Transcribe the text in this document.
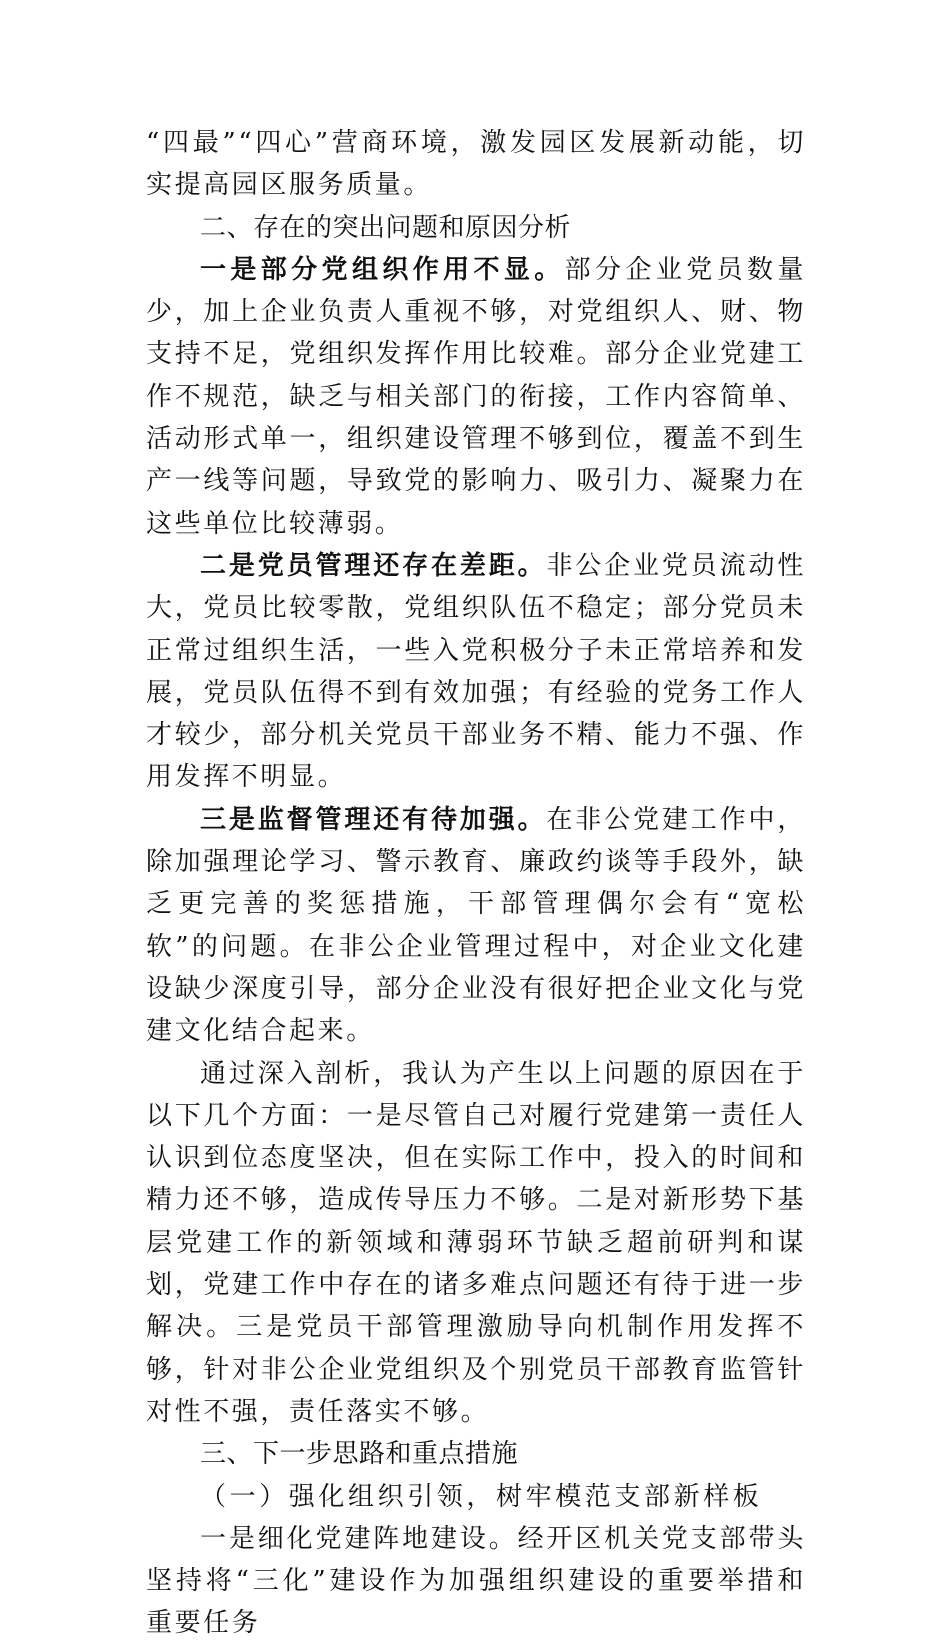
“四最”“四心”营商环境，激发园区发展新动能，切实提高园区服务质量。

二、存在的突出问题和原因分析

一是部分党组织作用不显。部分企业党员数量少，加上企业负责人重视不够，对党组织人、财、物支持不足，党组织发挥作用比较难。部分企业党建工作不规范，缺乏与相关部门的衔接，工作内容简单、活动形式单一，组织建设管理不够到位，覆盖不到生产一线等问题，导致党的影响力、吸引力、凝聚力在这些单位比较薄弱。

二是党员管理还存在差距。非公企业党员流动性大，党员比较零散，党组织队伍不稳定；部分党员未正常过组织生活，一些入党积极分子未正常培养和发展，党员队伍得不到有效加强；有经验的党务工作人才较少，部分机关党员干部业务不精、能力不强、作用发挥不明显。

三是监督管理还有待加强。在非公党建工作中，除加强理论学习、警示教育、廉政约谈等手段外，缺乏更完善的奖惩措施，干部管理偶尔会有“宽松软”的问题。在非公企业管理过程中，对企业文化建设缺少深度引导，部分企业没有很好把企业文化与党建文化结合起来。

通过深入剖析，我认为产生以上问题的原因在于以下几个方面：一是尽管自己对履行党建第一责任人认识到位态度坚决，但在实际工作中，投入的时间和精力还不够，造成传导压力不够。二是对新形势下基层党建工作的新领域和薄弱环节缺乏超前研判和谋划，党建工作中存在的诸多难点问题还有待于进一步解决。三是党员干部管理激励导向机制作用发挥不够，针对非公企业党组织及个别党员干部教育监管针对性不强，责任落实不够。

三、下一步思路和重点措施

（一）强化组织引领，树牢模范支部新样板

一是细化党建阵地建设。经开区机关党支部带头坚持将“三化”建设作为加强组织建设的重要举措和重要任务
